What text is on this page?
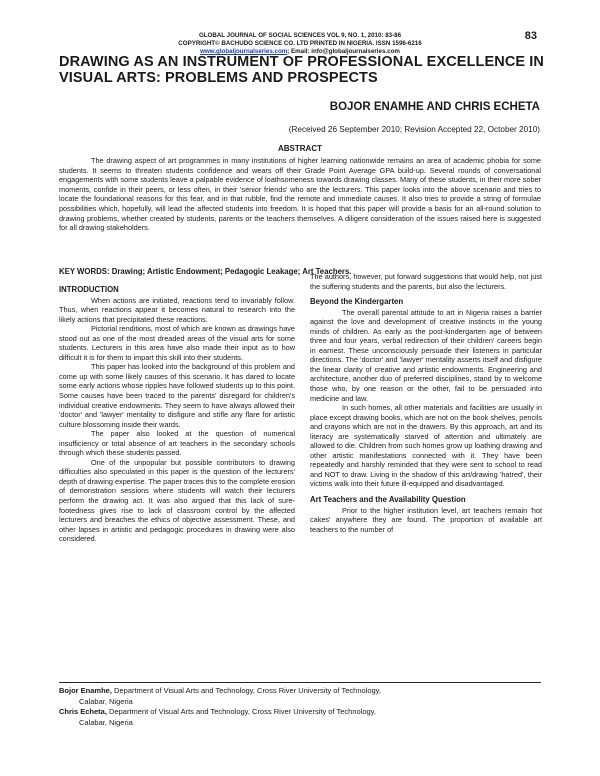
GLOBAL JOURNAL OF SOCIAL SCIENCES VOL 9, NO. 1, 2010: 83-86
COPYRIGHT© BACHUDO SCIENCE CO. LTD PRINTED IN NIGERIA. ISSN 1596-6216
www.globaljournalseries.com; Email: info@globaljournalseries.com
83
DRAWING AS AN INSTRUMENT OF PROFESSIONAL EXCELLENCE IN VISUAL ARTS: PROBLEMS AND PROSPECTS
BOJOR ENAMHE AND CHRIS ECHETA
(Received 26 September 2010; Revision Accepted 22, October 2010)
ABSTRACT
The drawing aspect of art programmes in many institutions of higher learning nationwide remains an area of academic phobia for some students. It seems to threaten students confidence and wears off their Grade Point Average GPA build-up. Several rounds of conversational engagements with some students leave a palpable evidence of loathsomeness towards drawing classes. Many of these students, in their more sober moments, confide in their peers, or less often, in their 'senior friends' who are the lecturers. This paper looks into the above scenario and tries to locate the foundational reasons for this fear, and in that rubble, find the remote and immediate causes. It also tries to provide a string of formulae possibilities which, hopefully, will lead the affected students into freedom. It is hoped that this paper will provide a basis for an all-round solution to drawing problems, whether created by students, parents or the teachers themselves. A diligent consideration of the issues raised here is suggested for all drawing stakeholders.
KEY WORDS: Drawing; Artistic Endowment; Pedagogic Leakage; Art Teachers.

INTRODUCTION

When actions are initiated, reactions tend to invariably follow. Thus, when reactions appear it becomes natural to research into the likely actions that precipitated these reactions.

Pictorial renditions, most of which are known as drawings have stood out as one of the most dreaded areas of the visual arts for some students. Lecturers in this area have also made their input as to how difficult it is for them to impart this skill into their students.

This paper has looked into the background of this problem and come up with some likely causes of this scenario. It has dared to locate some early actions whose ripples have followed students up to this point. Some causes have been traced to the parents' disregard for children's individual creative endowments. They seem to have always allowed their 'doctor' and 'lawyer' mentality to disfigure and stifle any flare for artistic culture blossoming inside their wards.

The paper also looked at the question of numerical insufficiency or total absence of art teachers in the secondary schools through which these students passed.

One of the unpopular but possible contributors to drawing difficulties also speculated in this paper is the question of the lecturers' depth of drawing expertise. The paper traces this to the complete erosion of demonstration sessions where students will watch their lecturers perform the drawing act. It was also argued that this lack of sure-footedness gives rise to lack of classroom control by the affected lecturers and breaches the ethics of objective assessment. These, and other lapses in artistic and pedagogic procedures in drawing were also considered.

The authors, however, put forward suggestions that would help, not just the suffering students and the parents, but also the lecturers.

Beyond the Kindergarten

The overall parental attitude to art in Nigeria raises a barrier against the love and development of creative instincts in the young minds of children. As early as the post-kindergarten age of between three and four years, verbal redirection of their children' careers begin in earnest. These unconsciously persuade their listeners in particular directions. The 'doctor' and 'lawyer' mentality asserts itself and disfigure the linear clarity of creative and artistic endowments. Engineering and architecture, another duo of preferred disciplines, stand by to welcome those who, by one reason or the other, fail to be persuaded into medicine and law.

In such homes, all other materials and facilities are usually in place except drawing books, which are not on the book shelves, pencils and crayons which are not in the drawers. By this approach, art and its literacy are systematically starved of attention and ultimately are allowed to die. Children from such homes grow up loathing drawing and other artistic manifestations connected with it. They have been repeatedly and harshly reminded that they were sent to school to read and NOT to draw. Living in the shadow of this art/drawing 'hatred', their victims walk into their future ill-equipped and disadvantaged.

Art Teachers and the Availability Question

Prior to the higher institution level, art teachers remain 'hot cakes' anywhere they are found. The proportion of available art teachers to the number of

Bojor Enamhe, Department of Visual Arts and Technology, Cross River University of Technology,
Calabar, Nigeria
Chris Echeta, Department of Visual Arts and Technology, Cross River University of Technology,
Calabar, Nigeria
